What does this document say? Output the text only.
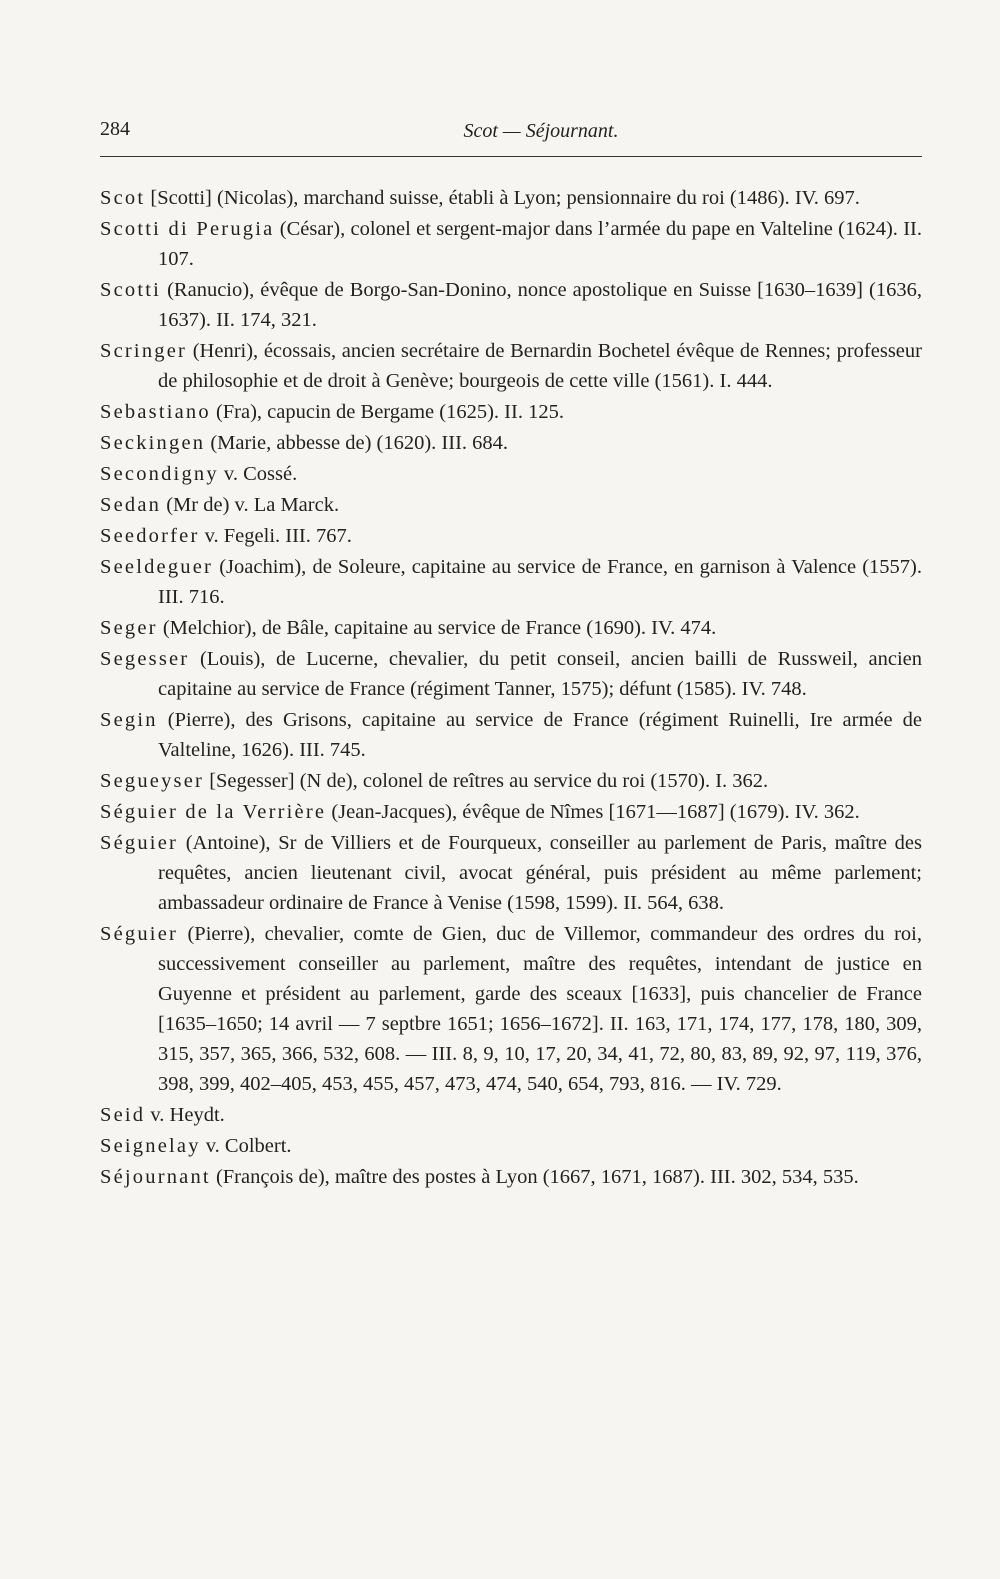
284	Scot — Séjournant.

Scot [Scotti] (Nicolas), marchand suisse, établi à Lyon; pensionnaire du roi (1486). IV. 697.

Scotti di Perugia (César), colonel et sergent-major dans l’armée du pape en Valteline (1624). II. 107.

Scotti (Ranucio), évêque de Borgo-San-Donino, nonce apostolique en Suisse [1630–1639] (1636, 1637). II. 174, 321.

Scringer (Henri), écossais, ancien secrétaire de Bernardin Bochetel évêque de Rennes; professeur de philosophie et de droit à Genève; bourgeois de cette ville (1561). I. 444.

Sebastiano (Fra), capucin de Bergame (1625). II. 125.

Seckingen (Marie, abbesse de) (1620). III. 684.

Secondigny v. Cossé.

Sedan (Mr de) v. La Marck.

Seedorfer v. Fegeli. III. 767.

Seeldeguer (Joachim), de Soleure, capitaine au service de France, en garnison à Valence (1557). III. 716.

Seger (Melchior), de Bâle, capitaine au service de France (1690). IV. 474.

Segesser (Louis), de Lucerne, chevalier, du petit conseil, ancien bailli de Russweil, ancien capitaine au service de France (régiment Tanner, 1575); défunt (1585). IV. 748.

Segin (Pierre), des Grisons, capitaine au service de France (régiment Ruinelli, Ire armée de Valteline, 1626). III. 745.

Segueyser [Segesser] (N de), colonel de reîtres au service du roi (1570). I. 362.

Séguier de la Verrière (Jean-Jacques), évêque de Nîmes [1671—1687] (1679). IV. 362.

Séguier (Antoine), Sr de Villiers et de Fourqueux, conseiller au parlement de Paris, maître des requêtes, ancien lieutenant civil, avocat général, puis président au même parlement; ambassadeur ordinaire de France à Venise (1598, 1599). II. 564, 638.

Séguier (Pierre), chevalier, comte de Gien, duc de Villemor, commandeur des ordres du roi, successivement conseiller au parlement, maître des requêtes, intendant de justice en Guyenne et président au parlement, garde des sceaux [1633], puis chancelier de France [1635–1650; 14 avril — 7 septbre 1651; 1656–1672]. II. 163, 171, 174, 177, 178, 180, 309, 315, 357, 365, 366, 532, 608. — III. 8, 9, 10, 17, 20, 34, 41, 72, 80, 83, 89, 92, 97, 119, 376, 398, 399, 402–405, 453, 455, 457, 473, 474, 540, 654, 793, 816. — IV. 729.

Seid v. Heydt.

Seignelay v. Colbert.

Séjournant (François de), maître des postes à Lyon (1667, 1671, 1687). III. 302, 534, 535.
